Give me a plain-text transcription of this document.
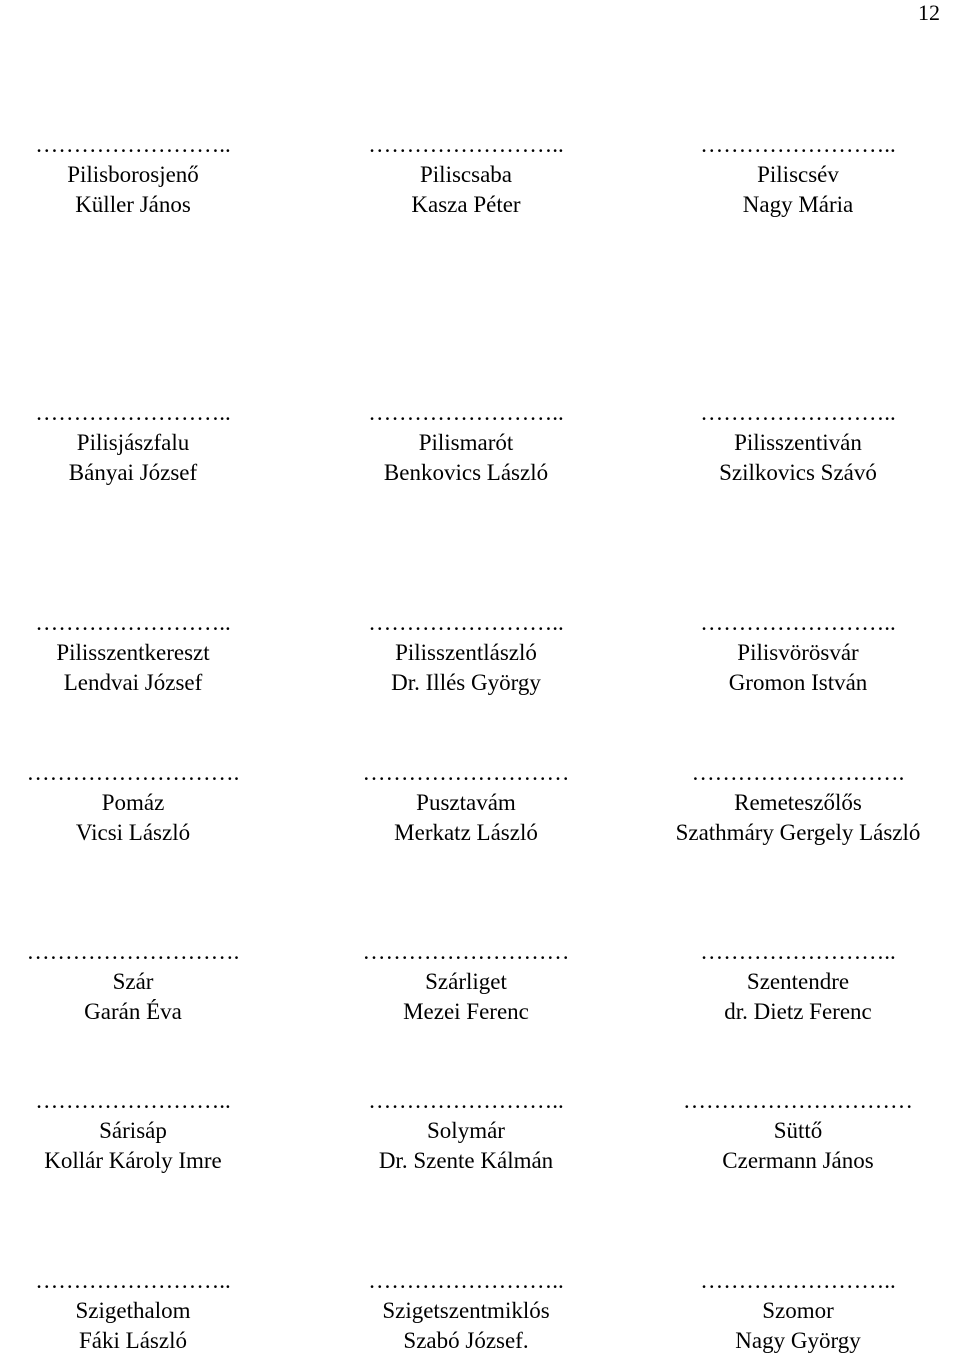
12
……………………..
Pilisborosjenő
Küller János
……………………..
Piliscsaba
Kasza Péter
……………………..
Piliscsév
Nagy Mária
……………………..
Pilisjászfalu
Bányai József
……………………..
Pilismarót
Benkovics László
……………………..
Pilisszentiván
Szilkovics Szávó
……………………..
Pilisszentkereszt
Lendvai József
……………………..
Pilisszentlászló
Dr. Illés György
……………………..
Pilisvörösvár
Gromon István
……………………….
Pomáz
Vicsi László
………………………
Pusztavám
Merkatz László
……………………….
Remeteszőlős
Szathmáry Gergely László
……………………….
Szár
Garán Éva
………………………
Szárliget
Mezei Ferenc
……………………..
Szentendre
dr. Dietz Ferenc
……………………..
Sárisáp
Kollár Károly Imre
……………………..
Solymár
Dr. Szente Kálmán
…………………………
Süttő
Czermann János
……………………..
Szigethalom
Fáki László
……………………..
Szigetszentmiklós
Szabó József.
……………………..
Szomor
Nagy György
